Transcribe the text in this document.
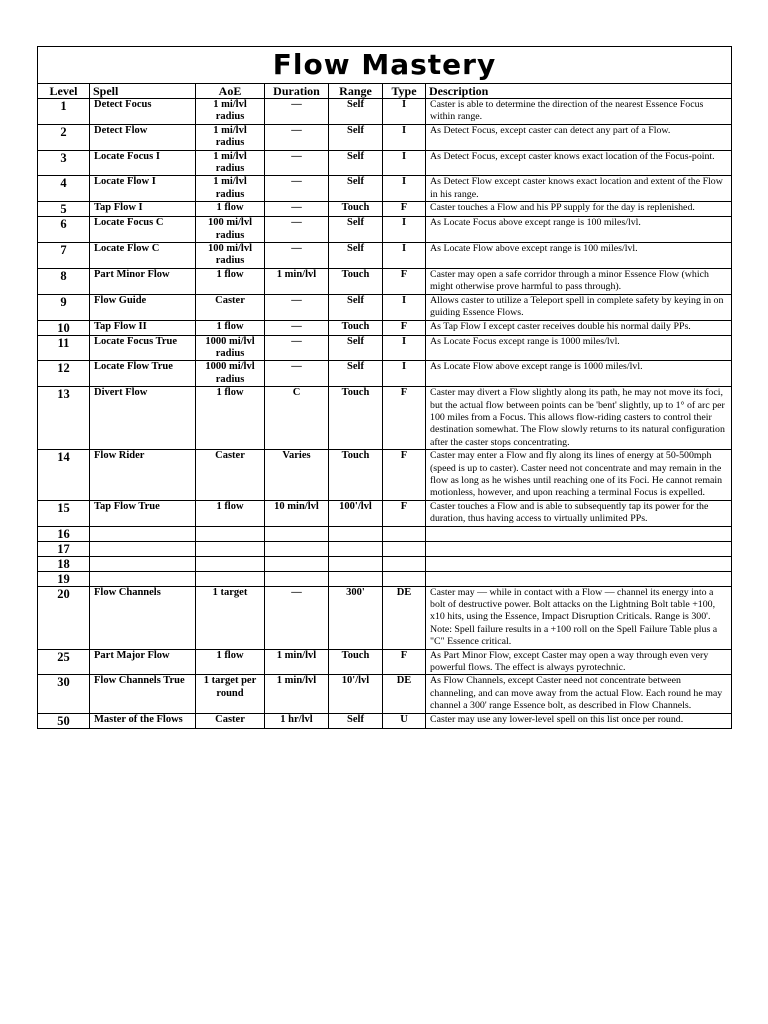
Flow Mastery						
Level	Spell	AoE	Duration	Range	Type	Description
1	Detect Focus	1 mi/lvl radius	—	Self	I	Caster is able to determine the direction of the nearest Essence Focus within range.
2	Detect Flow	1 mi/lvl radius	—	Self	I	As Detect Focus, except caster can detect any part of a Flow.
3	Locate Focus I	1 mi/lvl radius	—	Self	I	As Detect Focus, except caster knows exact location of the Focus-point.
4	Locate Flow I	1 mi/lvl radius	—	Self	I	As Detect Flow except caster knows exact location and extent of the Flow in his range.
5	Tap Flow I	1 flow	—	Touch	F	Caster touches a Flow and his PP supply for the day is replenished.
6	Locate Focus C	100 mi/lvl radius	—	Self	I	As Locate Focus above except range is 100 miles/lvl.
7	Locate Flow C	100 mi/lvl radius	—	Self	I	As Locate Flow above except range is 100 miles/lvl.
8	Part Minor Flow	1 flow	1 min/lvl	Touch	F	Caster may open a safe corridor through a minor Essence Flow (which might otherwise prove harmful to pass through).
9	Flow Guide	Caster	—	Self	I	Allows caster to utilize a Teleport spell in complete safety by keying in on guiding Essence Flows.
10	Tap Flow II	1 flow	—	Touch	F	As Tap Flow I except caster receives double his normal daily PPs.
11	Locate Focus True	1000 mi/lvl radius	—	Self	I	As Locate Focus except range is 1000 miles/lvl.
12	Locate Flow True	1000 mi/lvl radius	—	Self	I	As Locate Flow above except range is 1000 miles/lvl.
13	Divert Flow	1 flow	C	Touch	F	Caster may divert a Flow slightly along its path, he may not move its foci, but the actual flow between points can be 'bent' slightly, up to 1° of arc per 100 miles from a Focus. This allows flow-riding casters to control their destination somewhat. The Flow slowly returns to its natural configuration after the caster stops concentrating.
14	Flow Rider	Caster	Varies	Touch	F	Caster may enter a Flow and fly along its lines of energy at 50-500mph (speed is up to caster). Caster need not concentrate and may remain in the flow as long as he wishes until reaching one of its Foci. He cannot remain motionless, however, and upon reaching a terminal Focus is expelled.
15	Tap Flow True	1 flow	10 min/lvl	100'/lvl	F	Caster touches a Flow and is able to subsequently tap its power for the duration, thus having access to virtually unlimited PPs.
16						
17						
18						
19						
20	Flow Channels	1 target	—	300'	DE	Caster may — while in contact with a Flow — channel its energy into a bolt of destructive power. Bolt attacks on the Lightning Bolt table +100, x10 hits, using the Essence, Impact Disruption Criticals. Range is 300'. Note: Spell failure results in a +100 roll on the Spell Failure Table plus a "C" Essence critical.
25	Part Major Flow	1 flow	1 min/lvl	Touch	F	As Part Minor Flow, except Caster may open a way through even very powerful flows. The effect is always pyrotechnic.
30	Flow Channels True	1 target per round	1 min/lvl	10'/lvl	DE	As Flow Channels, except Caster need not concentrate between channeling, and can move away from the actual Flow. Each round he may channel a 300' range Essence bolt, as described in Flow Channels.
50	Master of the Flows	Caster	1 hr/lvl	Self	U	Caster may use any lower-level spell on this list once per round.
